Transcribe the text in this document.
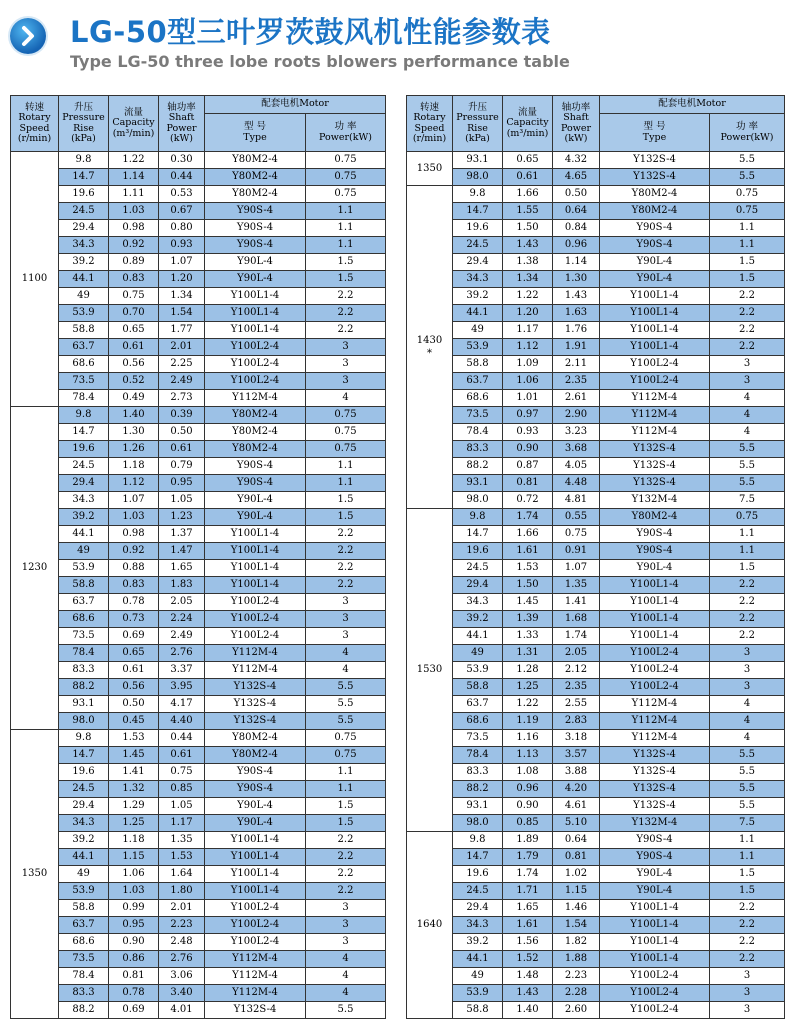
LG-50型三叶罗茨鼓风机性能参数表
Type LG-50 three lobe roots blowers performance table
转速
Rotary
Speed
(r/min)	升压
Pressure
Rise
(kPa)	流量
Capacity
(m³/min)	轴功率
Shaft
Power
(kW)	配套电机Motor	

				型 号
Type	功 率
Power(kW)

1100	9.8	1.22	0.30	Y80M2-4	0.75
	14.7	1.14	0.44	Y80M2-4	0.75
	19.6	1.11	0.53	Y80M2-4	0.75
	24.5	1.03	0.67	Y90S-4	1.1
	29.4	0.98	0.80	Y90S-4	1.1
	34.3	0.92	0.93	Y90S-4	1.1
	39.2	0.89	1.07	Y90L-4	1.5
	44.1	0.83	1.20	Y90L-4	1.5
	49	0.75	1.34	Y100L1-4	2.2
	53.9	0.70	1.54	Y100L1-4	2.2
	58.8	0.65	1.77	Y100L1-4	2.2
	63.7	0.61	2.01	Y100L2-4	3
	68.6	0.56	2.25	Y100L2-4	3
	73.5	0.52	2.49	Y100L2-4	3
	78.4	0.49	2.73	Y112M-4	4

1230	9.8	1.40	0.39	Y80M2-4	0.75
	14.7	1.30	0.50	Y80M2-4	0.75
	19.6	1.26	0.61	Y80M2-4	0.75
	24.5	1.18	0.79	Y90S-4	1.1
	29.4	1.12	0.95	Y90S-4	1.1
	34.3	1.07	1.05	Y90L-4	1.5
	39.2	1.03	1.23	Y90L-4	1.5
	44.1	0.98	1.37	Y100L1-4	2.2
	49	0.92	1.47	Y100L1-4	2.2
	53.9	0.88	1.65	Y100L1-4	2.2
	58.8	0.83	1.83	Y100L1-4	2.2
	63.7	0.78	2.05	Y100L2-4	3
	68.6	0.73	2.24	Y100L2-4	3
	73.5	0.69	2.49	Y100L2-4	3
	78.4	0.65	2.76	Y112M-4	4
	83.3	0.61	3.37	Y112M-4	4
	88.2	0.56	3.95	Y132S-4	5.5
	93.1	0.50	4.17	Y132S-4	5.5
	98.0	0.45	4.40	Y132S-4	5.5

1350	9.8	1.53	0.44	Y80M2-4	0.75
	14.7	1.45	0.61	Y80M2-4	0.75
	19.6	1.41	0.75	Y90S-4	1.1
	24.5	1.32	0.85	Y90S-4	1.1
	29.4	1.29	1.05	Y90L-4	1.5
	34.3	1.25	1.17	Y90L-4	1.5
	39.2	1.18	1.35	Y100L1-4	2.2
	44.1	1.15	1.53	Y100L1-4	2.2
	49	1.06	1.64	Y100L1-4	2.2
	53.9	1.03	1.80	Y100L1-4	2.2
	58.8	0.99	2.01	Y100L2-4	3
	63.7	0.95	2.23	Y100L2-4	3
	68.6	0.90	2.48	Y100L2-4	3
	73.5	0.86	2.76	Y112M-4	4
	78.4	0.81	3.06	Y112M-4	4
	83.3	0.78	3.40	Y112M-4	4
	88.2	0.69	4.01	Y132S-4	5.5
转速
Rotary
Speed
(r/min)	升压
Pressure
Rise
(kPa)	流量
Capacity
(m³/min)	轴功率
Shaft
Power
(kW)	配套电机Motor	

				型 号
Type	功 率
Power(kW)

1350	93.1	0.65	4.32	Y132S-4	5.5
	98.0	0.61	4.65	Y132S-4	5.5

1430
*	9.8	1.66	0.50	Y80M2-4	0.75
	14.7	1.55	0.64	Y80M2-4	0.75
	19.6	1.50	0.84	Y90S-4	1.1
	24.5	1.43	0.96	Y90S-4	1.1
	29.4	1.38	1.14	Y90L-4	1.5
	34.3	1.34	1.30	Y90L-4	1.5
	39.2	1.22	1.43	Y100L1-4	2.2
	44.1	1.20	1.63	Y100L1-4	2.2
	49	1.17	1.76	Y100L1-4	2.2
	53.9	1.12	1.91	Y100L1-4	2.2
	58.8	1.09	2.11	Y100L2-4	3
	63.7	1.06	2.35	Y100L2-4	3
	68.6	1.01	2.61	Y112M-4	4
	73.5	0.97	2.90	Y112M-4	4
	78.4	0.93	3.23	Y112M-4	4
	83.3	0.90	3.68	Y132S-4	5.5
	88.2	0.87	4.05	Y132S-4	5.5
	93.1	0.81	4.48	Y132S-4	5.5
	98.0	0.72	4.81	Y132M-4	7.5

1530	9.8	1.74	0.55	Y80M2-4	0.75
	14.7	1.66	0.75	Y90S-4	1.1
	19.6	1.61	0.91	Y90S-4	1.1
	24.5	1.53	1.07	Y90L-4	1.5
	29.4	1.50	1.35	Y100L1-4	2.2
	34.3	1.45	1.41	Y100L1-4	2.2
	39.2	1.39	1.68	Y100L1-4	2.2
	44.1	1.33	1.74	Y100L1-4	2.2
	49	1.31	2.05	Y100L2-4	3
	53.9	1.28	2.12	Y100L2-4	3
	58.8	1.25	2.35	Y100L2-4	3
	63.7	1.22	2.55	Y112M-4	4
	68.6	1.19	2.83	Y112M-4	4
	73.5	1.16	3.18	Y112M-4	4
	78.4	1.13	3.57	Y132S-4	5.5
	83.3	1.08	3.88	Y132S-4	5.5
	88.2	0.96	4.20	Y132S-4	5.5
	93.1	0.90	4.61	Y132S-4	5.5
	98.0	0.85	5.10	Y132M-4	7.5

1640	9.8	1.89	0.64	Y90S-4	1.1
	14.7	1.79	0.81	Y90S-4	1.1
	19.6	1.74	1.02	Y90L-4	1.5
	24.5	1.71	1.15	Y90L-4	1.5
	29.4	1.65	1.46	Y100L1-4	2.2
	34.3	1.61	1.54	Y100L1-4	2.2
	39.2	1.56	1.82	Y100L1-4	2.2
	44.1	1.52	1.88	Y100L1-4	2.2
	49	1.48	2.23	Y100L2-4	3
	53.9	1.43	2.28	Y100L2-4	3
	58.8	1.40	2.60	Y100L2-4	3
